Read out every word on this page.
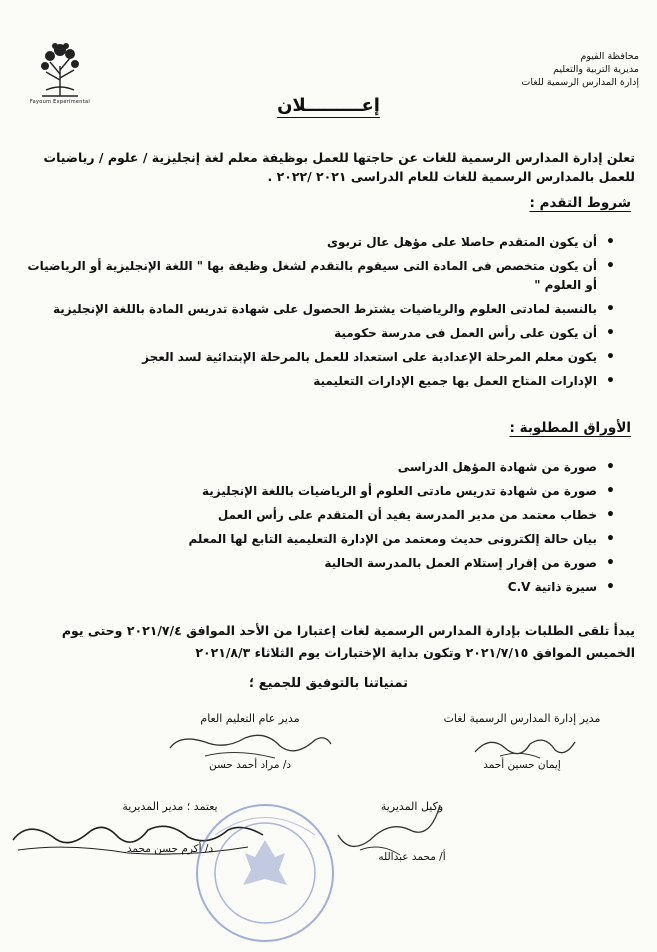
Fayoum Experimental
محافظة الفيوم
مديرية التربية والتعليم
إدارة المدارس الرسمية للغات
إعـــــــــلان
تعلن إدارة المدارس الرسمية للغات عن حاجتها للعمل بوظيفة معلم لغة إنجليزية / علوم / رياضيات للعمل بالمدارس الرسمية للغات للعام الدراسى ٢٠٢١ /٢٠٢٢ .
شروط التقدم :
• أن يكون المتقدم حاصلا على مؤهل عال تربوى
• أن يكون متخصص فى المادة التى سيقوم بالتقدم لشغل وظيفة بها " اللغة الإنجليزية أو الرياضيات أو العلوم "
• بالنسبة لمادتى العلوم والرياضيات يشترط الحصول على شهادة تدريس المادة باللغة الإنجليزية
• أن يكون على رأس العمل فى مدرسة حكومية
• يكون معلم المرحلة الإعدادية على استعداد للعمل بالمرحلة الإبتدائية لسد العجز
• الإدارات المتاح العمل بها جميع الإدارات التعليمية
الأوراق المطلوبة :
• صورة من شهادة المؤهل الدراسى
• صورة من شهادة تدريس مادتى العلوم أو الرياضيات باللغة الإنجليزية
• خطاب معتمد من مدير المدرسة يفيد أن المتقدم على رأس العمل
• بيان حالة إلكترونى حديث ومعتمد من الإدارة التعليمية التابع لها المعلم
• صورة من إقرار إستلام العمل بالمدرسة الحالية
• سيرة ذاتية C.V
يبدأ تلقى الطلبات بإدارة المدارس الرسمية لغات إعتبارا من الأحد الموافق ٢٠٢١/٧/٤ وحتى يوم الخميس الموافق ٢٠٢١/٧/١٥ وتكون بداية الإختبارات يوم الثلاثاء ٢٠٢١/٨/٣
تمنياتنا بالتوفيق للجميع ؛
مدير إدارة المدارس الرسمية لغات
إيمان حسين أحمد
مدير عام التعليم العام
د/ مراد أحمد حسن
وكيل المديرية
أ/ محمد عبدالله
يعتمد ؛ مدير المديرية
د/ أكرم حسن محمد
